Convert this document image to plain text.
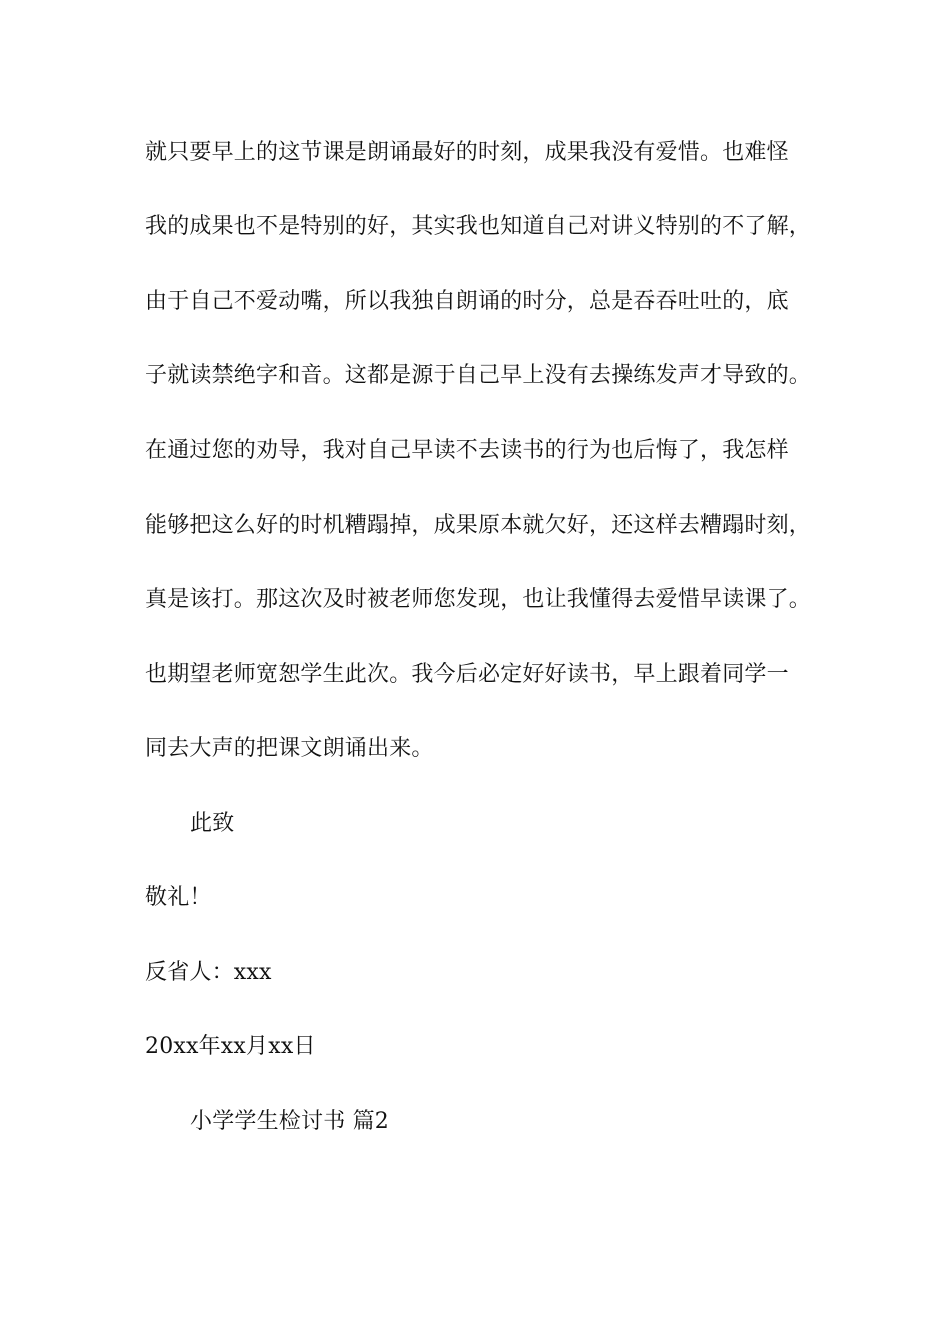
就只要早上的这节课是朗诵最好的时刻，成果我没有爱惜。也难怪
我的成果也不是特别的好，其实我也知道自己对讲义特别的不了解，
由于自己不爱动嘴，所以我独自朗诵的时分，总是吞吞吐吐的，底
子就读禁绝字和音。这都是源于自己早上没有去操练发声才导致的。
在通过您的劝导，我对自己早读不去读书的行为也后悔了，我怎样
能够把这么好的时机糟蹋掉，成果原本就欠好，还这样去糟蹋时刻，
真是该打。那这次及时被老师您发现，也让我懂得去爱惜早读课了。
也期望老师宽恕学生此次。我今后必定好好读书，早上跟着同学一
同去大声的把课文朗诵出来。
此致
敬礼！
反省人：xxx
20xx年xx月xx日
小学学生检讨书 篇2
